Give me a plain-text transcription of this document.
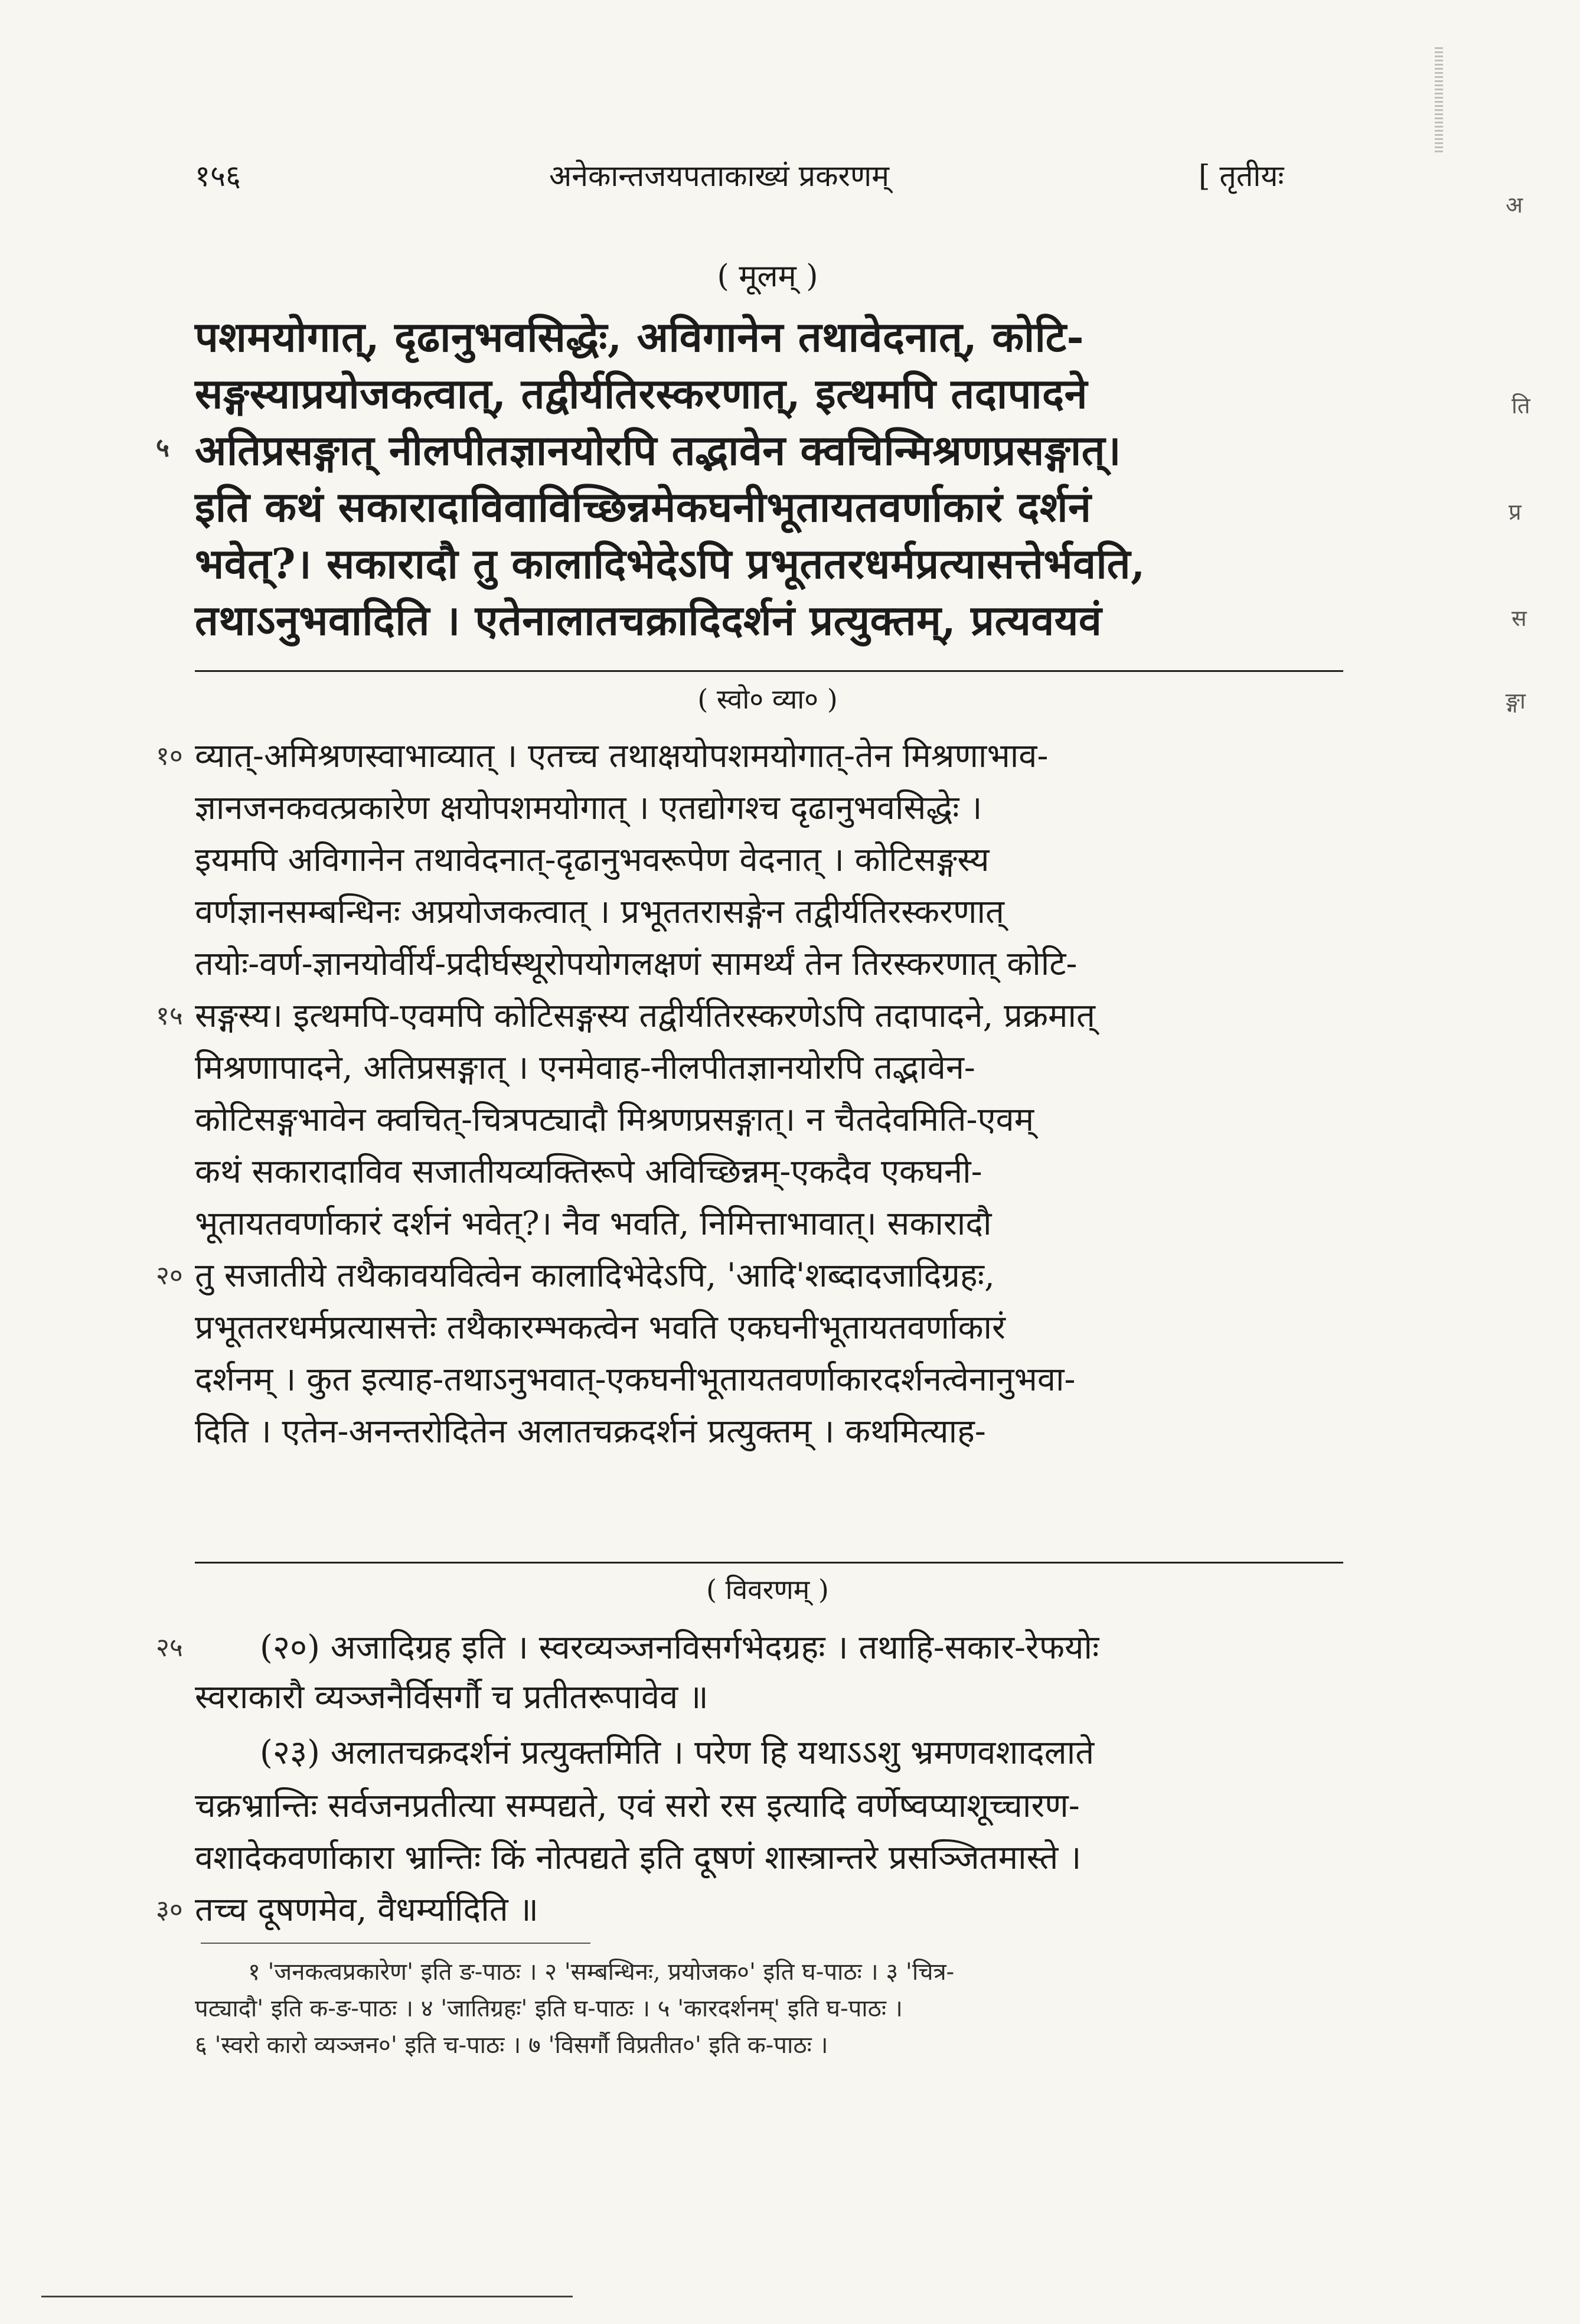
१५६	अनेकान्तजयपताकाख्यं प्रकरणम्	[ तृतीयः
( मूलम् )
पशमयोगात्, दृढानुभवसिद्धेः, अविगानेन तथावेदनात्, कोटि-
सङ्गस्याप्रयोजकत्वात्, तद्वीर्यतिरस्करणात्, इत्थमपि तदापादने
५ अतिप्रसङ्गात् नीलपीतज्ञानयोरपि तद्भावेन क्वचिन्मिश्रणप्रसङ्गात्।
इति कथं सकारादाविवाविच्छिन्नमेकघनीभूतायतवर्णाकारं दर्शनं
भवेत्?। सकारादौ तु कालादिभेदेऽपि प्रभूततरधर्मप्रत्यासत्तेर्भवति,
तथाऽनुभवादिति । एतेनालातचक्रादिदर्शनं प्रत्युक्तम्, प्रत्यवयवं
( स्वो० व्या० )
१० व्यात्-अमिश्रणस्वाभाव्यात् । एतच्च तथाक्षयोपशमयोगात्-तेन मिश्रणाभाव-
ज्ञानजनकवत्प्रकारेण क्षयोपशमयोगात् । एतद्योगश्च दृढानुभवसिद्धेः ।
इयमपि अविगानेन तथावेदनात्-दृढानुभवरूपेण वेदनात् । कोटिसङ्गस्य
वर्णज्ञानसम्बन्धिनः अप्रयोजकत्वात् । प्रभूततरासङ्गेन तद्वीर्यतिरस्करणात्
तयोः-वर्ण-ज्ञानयोर्वीर्यं-प्रदीर्घस्थूरोपयोगलक्षणं सामर्थ्यं तेन तिरस्करणात् कोटि-
१५ सङ्गस्य। इत्थमपि-एवमपि कोटिसङ्गस्य तद्वीर्यतिरस्करणेऽपि तदापादने, प्रक्रमात्
मिश्रणापादने, अतिप्रसङ्गात् । एनमेवाह-नीलपीतज्ञानयोरपि तद्भावेन-
कोटिसङ्गभावेन क्वचित्-चित्रपट्यादौ मिश्रणप्रसङ्गात्। न चैतदेवमिति-एवम्
कथं सकारादाविव सजातीयव्यक्तिरूपे अविच्छिन्नम्-एकदैव एकघनी-
भूतायतवर्णाकारं दर्शनं भवेत्?। नैव भवति, निमित्ताभावात्। सकारादौ
२० तु सजातीये तथैकावयवित्वेन कालादिभेदेऽपि, 'आदि'शब्दादजादिग्रहः,
प्रभूततरधर्मप्रत्यासत्तेः तथैकारम्भकत्वेन भवति एकघनीभूतायतवर्णाकारं
दर्शनम् । कुत इत्याह-तथाऽनुभवात्-एकघनीभूतायतवर्णाकारदर्शनत्वेनानुभवा-
दिति । एतेन-अनन्तरोदितेन अलातचक्रदर्शनं प्रत्युक्तम् । कथमित्याह-
( विवरणम् )
२५ (२०) अजादिग्रह इति । स्वरव्यञ्जनविसर्गभेदग्रहः । तथाहि-सकार-रेफयोः
स्वराकारौ व्यञ्जनैर्विसर्गौ च प्रतीतरूपावेव ॥
(२३) अलातचक्रदर्शनं प्रत्युक्तमिति । परेण हि यथाऽऽशु भ्रमणवशादलाते
चक्रभ्रान्तिः सर्वजनप्रतीत्या सम्पद्यते, एवं सरो रस इत्यादि वर्णेष्वप्याशूच्चारण-
वशादेकवर्णाकारा भ्रान्तिः किं नोत्पद्यते इति दूषणं शास्त्रान्तरे प्रसञ्जितमास्ते ।
३० तच्च दूषणमेव, वैधर्म्यादिति ॥
१ 'जनकत्वप्रकारेण' इति ङ-पाठः । २ 'सम्बन्धिनः, प्रयोजक०' इति घ-पाठः । ३ 'चित्र-
पट्यादौ' इति क-ङ-पाठः । ४ 'जातिग्रहः' इति घ-पाठः । ५ 'कारदर्शनम्' इति घ-पाठः ।
६ 'स्वरो कारो व्यञ्जन०' इति च-पाठः । ७ 'विसर्गौ विप्रतीत०' इति क-पाठः ।
अ
ति
प्र
स
ङ्गा
